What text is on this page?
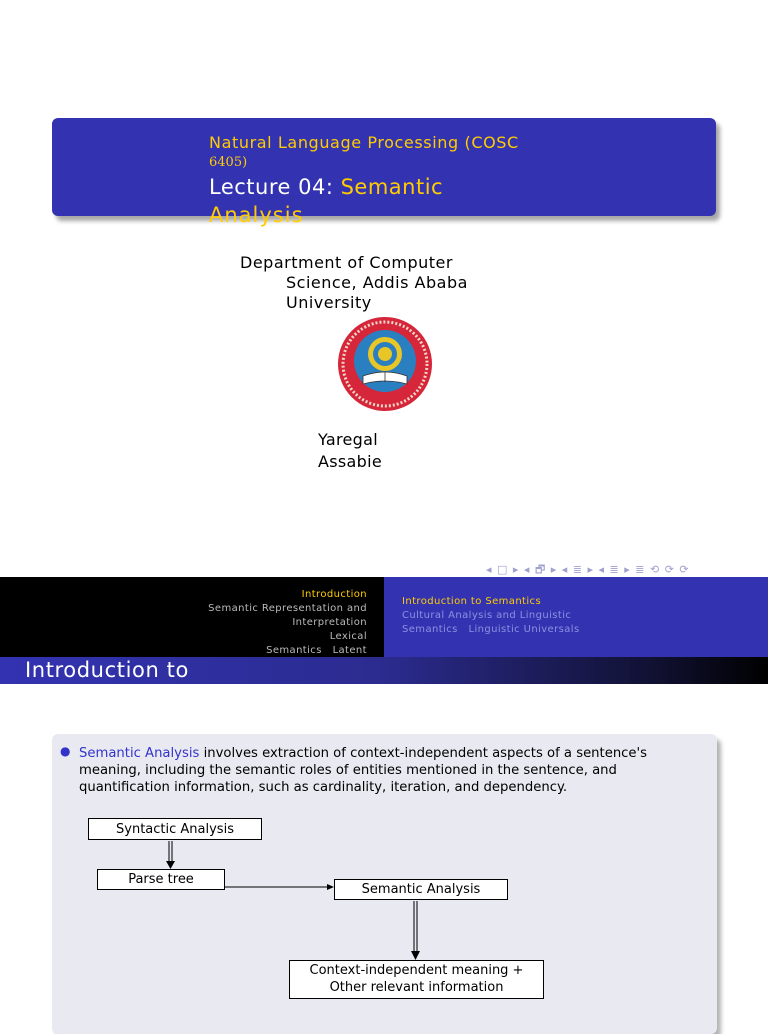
Natural Language Processing (COSC
6405)
Lecture 04: Semantic
Analysis
Department of Computer
Science, Addis Ababa
University
Yaregal
Assabie
◂ □ ▸ ◂ 🗗 ▸ ◂ ≣ ▸ ◂ ≣ ▸ ≣ ⟲ ⟳ ⟳
Introduction
Semantic Representation and
Interpretation
Lexical
Semantics Latent
Introduction to Semantics
Cultural Analysis and Linguistic
Semantics Linguistic Universals
Introduction to
● Semantic Analysis involves extraction of context-independent aspects of a sentence's meaning, including the semantic roles of entities mentioned in the sentence, and quantification information, such as cardinality, iteration, and dependency.
Syntactic Analysis
Parse tree
Semantic Analysis
Context-independent meaning +
Other relevant information
